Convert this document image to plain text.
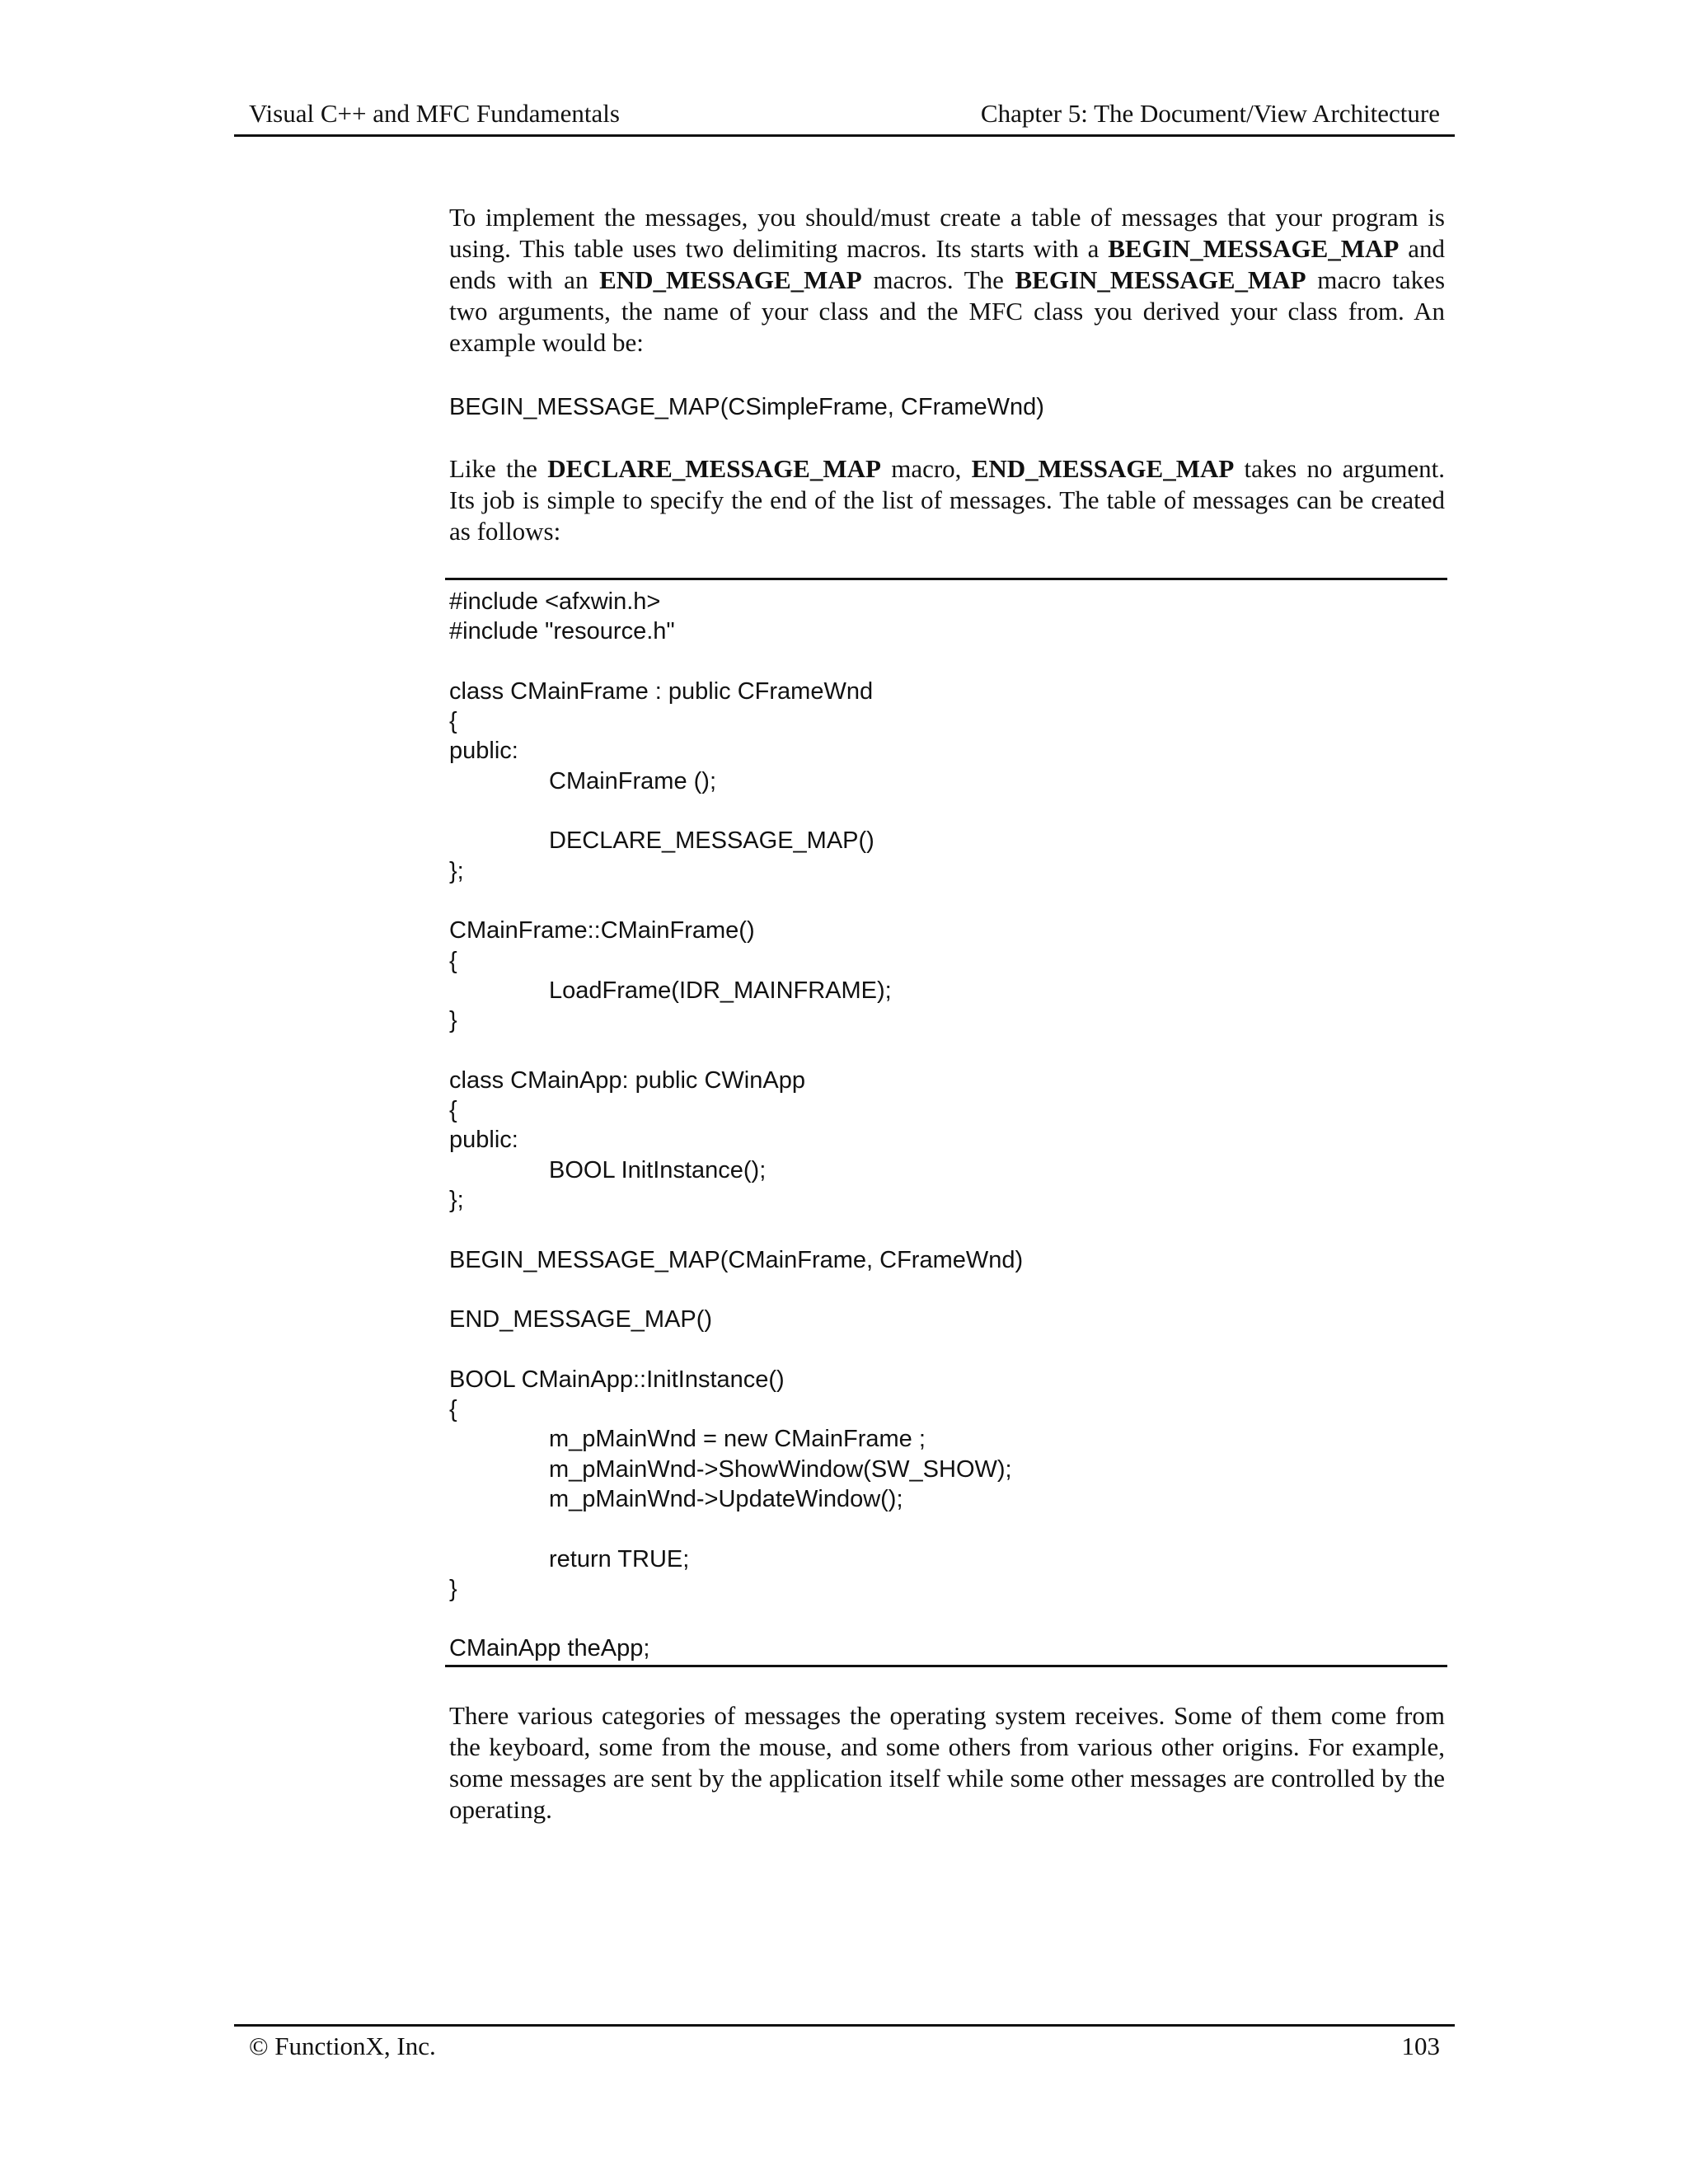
Visual C++ and MFC Fundamentals	Chapter 5: The Document/View Architecture
To implement the messages, you should/must create a table of messages that your program is using. This table uses two delimiting macros. Its starts with a BEGIN_MESSAGE_MAP and ends with an END_MESSAGE_MAP macros. The BEGIN_MESSAGE_MAP macro takes two arguments, the name of your class and the MFC class you derived your class from. An example would be:
BEGIN_MESSAGE_MAP(CSimpleFrame, CFrameWnd)
Like the DECLARE_MESSAGE_MAP macro, END_MESSAGE_MAP takes no argument. Its job is simple to specify the end of the list of messages. The table of messages can be created as follows:
#include <afxwin.h>
#include "resource.h"

class CMainFrame : public CFrameWnd
{
public:
CMainFrame ();

DECLARE_MESSAGE_MAP()
};

CMainFrame::CMainFrame()
{
LoadFrame(IDR_MAINFRAME);
}

class CMainApp: public CWinApp
{
public:
BOOL InitInstance();
};

BEGIN_MESSAGE_MAP(CMainFrame, CFrameWnd)

END_MESSAGE_MAP()

BOOL CMainApp::InitInstance()
{
m_pMainWnd = new CMainFrame ;
m_pMainWnd->ShowWindow(SW_SHOW);
m_pMainWnd->UpdateWindow();

return TRUE;
}

CMainApp theApp;
There various categories of messages the operating system receives. Some of them come from the keyboard, some from the mouse, and some others from various other origins. For example, some messages are sent by the application itself while some other messages are controlled by the operating.
© FunctionX, Inc.	103
